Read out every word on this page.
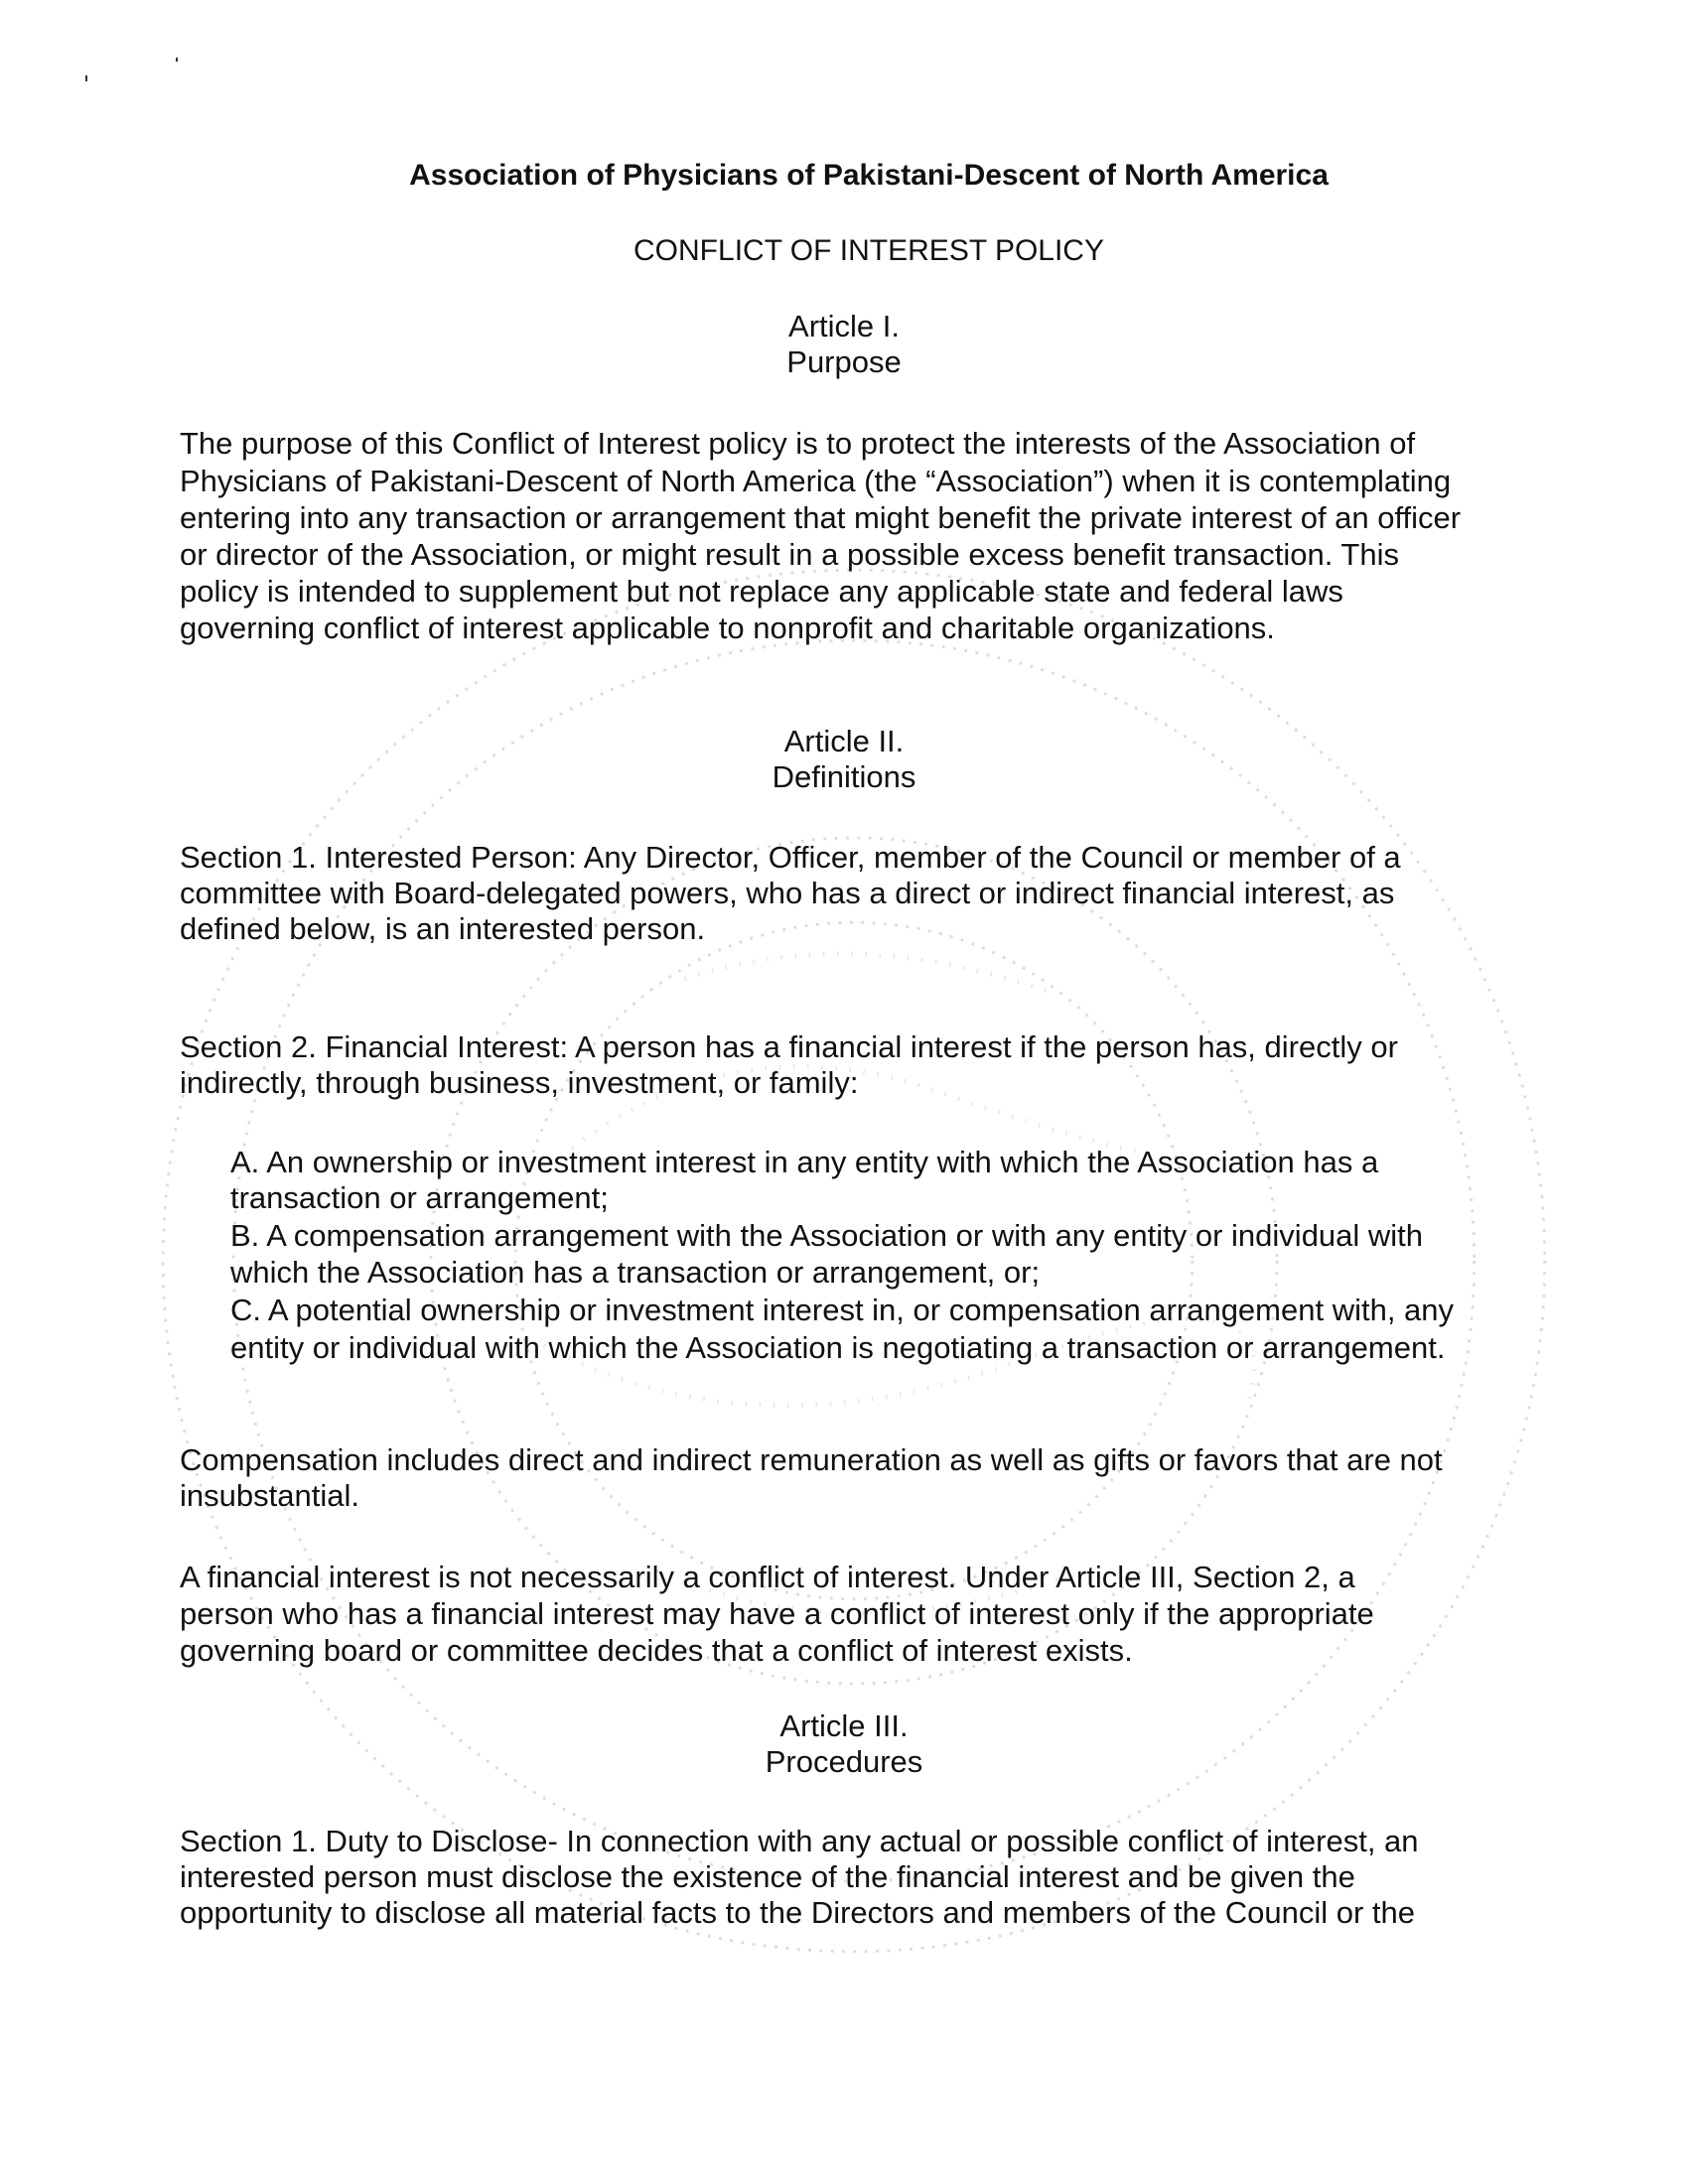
Association of Physicians of Pakistani-Descent of North America
CONFLICT OF INTEREST POLICY
Article I.
Purpose
The purpose of this Conflict of Interest policy is to protect the interests of the Association of
Physicians of Pakistani-Descent of North America (the “Association”) when it is contemplating
entering into any transaction or arrangement that might benefit the private interest of an officer
or director of the Association, or might result in a possible excess benefit transaction. This
policy is intended to supplement but not replace any applicable state and federal laws
governing conflict of interest applicable to nonprofit and charitable organizations.
Article II.
Definitions
Section 1. Interested Person: Any Director, Officer, member of the Council or member of a
committee with Board-delegated powers, who has a direct or indirect financial interest, as
defined below, is an interested person.
Section 2. Financial Interest: A person has a financial interest if the person has, directly or
indirectly, through business, investment, or family:
A. An ownership or investment interest in any entity with which the Association has a
transaction or arrangement;
B. A compensation arrangement with the Association or with any entity or individual with
which the Association has a transaction or arrangement, or;
C. A potential ownership or investment interest in, or compensation arrangement with, any
entity or individual with which the Association is negotiating a transaction or arrangement.
Compensation includes direct and indirect remuneration as well as gifts or favors that are not
insubstantial.
A financial interest is not necessarily a conflict of interest. Under Article III, Section 2, a
person who has a financial interest may have a conflict of interest only if the appropriate
governing board or committee decides that a conflict of interest exists.
Article III.
Procedures
Section 1. Duty to Disclose- In connection with any actual or possible conflict of interest, an
interested person must disclose the existence of the financial interest and be given the
opportunity to disclose all material facts to the Directors and members of the Council or the
